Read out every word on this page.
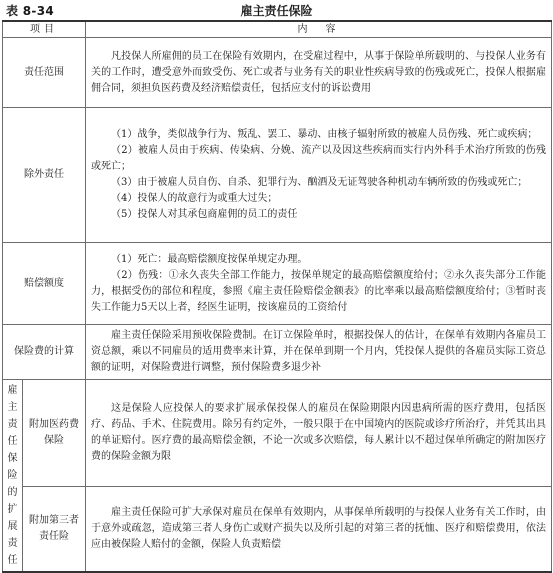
表 8-34	雇主责任保险
项目		内　容
责任范围		凡投保人所雇佣的员工在保险有效期内，在受雇过程中，从事于保险单所载明的、与投保人业务有关的工作时，遭受意外而致受伤、死亡或者与业务有关的职业性疾病导致的伤残或死亡，投保人根据雇佣合同，须担负医药费及经济赔偿责任，包括应支付的诉讼费用

除外责任		（1）战争，类似战争行为、叛乱、罢工、暴动、由核子辐射所致的被雇人员伤残、死亡或疾病；

（2）被雇人员由于疾病、传染病、分娩、流产以及因这些疾病而实行内外科手术治疗所致的伤残或死亡；

（3）由于被雇人员自伤、自杀、犯罪行为、酗酒及无证驾驶各种机动车辆所致的伤残或死亡；

（4）投保人的故意行为或重大过失；

（5）投保人对其承包商雇佣的员工的责任

赔偿额度		（1）死亡：最高赔偿额度按保单规定办理。

（2）伤残：①永久丧失全部工作能力，按保单规定的最高赔偿额度给付；②永久丧失部分工作能力，根据受伤的部位和程度，参照《雇主责任险赔偿金额表》的比率乘以最高赔偿额度给付；③暂时丧失工作能力5天以上者，经医生证明，按该雇员的工资给付

保险费的计算		雇主责任保险采用预收保险费制。在订立保险单时，根据投保人的估计，在保单有效期内各雇员工资总额，乘以不同雇员的适用费率来计算，并在保单到期一个月内，凭投保人提供的各雇员实际工资总额的证明，对保险费进行调整，预付保险费多退少补

雇主责任保险的扩展责任	附加医药费保险	这是保险人应投保人的要求扩展承保投保人的雇员在保险期限内因患病所需的医疗费用，包括医疗、药品、手术、住院费用。除另有约定外，一般只限于在中国境内的医院或诊疗所治疗，并凭其出具的单证赔付。医疗费的最高赔偿金额，不论一次或多次赔偿，每人累计以不超过保单所确定的附加医疗费的保险金额为限

	附加第三者责任险	雇主责任保险可扩大承保对雇员在保单有效期内，从事保单所载明的与投保人业务有关工作时，由于意外或疏忽，造成第三者人身伤亡或财产损失以及所引起的对第三者的抚恤、医疗和赔偿费用，依法应由被保险人赔付的金额，保险人负责赔偿
